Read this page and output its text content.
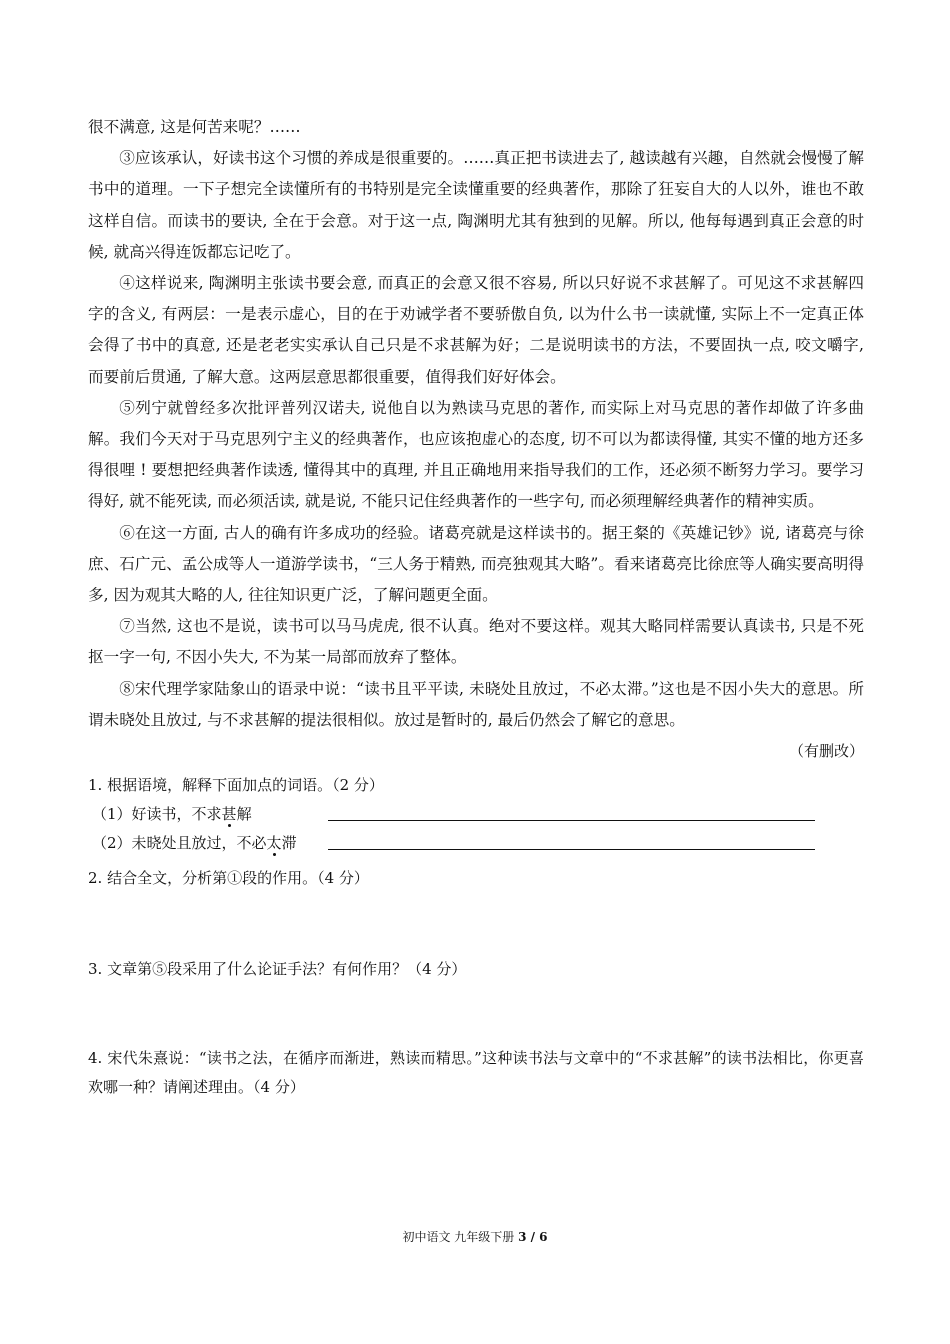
很不满意, 这是何苦来呢？……

③应该承认，好读书这个习惯的养成是很重要的。……真正把书读进去了, 越读越有兴趣，自然就会慢慢了解书中的道理。一下子想完全读懂所有的书特别是完全读懂重要的经典著作，那除了狂妄自大的人以外，谁也不敢这样自信。而读书的要诀, 全在于会意。对于这一点, 陶渊明尤其有独到的见解。所以, 他每每遇到真正会意的时候, 就高兴得连饭都忘记吃了。

④这样说来, 陶渊明主张读书要会意, 而真正的会意又很不容易, 所以只好说不求甚解了。可见这不求甚解四字的含义, 有两层：一是表示虚心，目的在于劝诫学者不要骄傲自负, 以为什么书一读就懂, 实际上不一定真正体会得了书中的真意, 还是老老实实承认自己只是不求甚解为好；二是说明读书的方法，不要固执一点, 咬文嚼字, 而要前后贯通, 了解大意。这两层意思都很重要，值得我们好好体会。

⑤列宁就曾经多次批评普列汉诺夫, 说他自以为熟读马克思的著作, 而实际上对马克思的著作却做了许多曲解。我们今天对于马克思列宁主义的经典著作，也应该抱虚心的态度, 切不可以为都读得懂, 其实不懂的地方还多得很哩 ! 要想把经典著作读透, 懂得其中的真理, 并且正确地用来指导我们的工作，还必须不断努力学习。要学习得好, 就不能死读, 而必须活读, 就是说, 不能只记住经典著作的一些字句, 而必须理解经典著作的精神实质。

⑥在这一方面, 古人的确有许多成功的经验。诸葛亮就是这样读书的。据王粲的《英雄记钞》说, 诸葛亮与徐庶、石广元、孟公成等人一道游学读书，“三人务于精熟, 而亮独观其大略”。看来诸葛亮比徐庶等人确实要高明得多, 因为观其大略的人, 往往知识更广泛，了解问题更全面。

⑦当然, 这也不是说，读书可以马马虎虎, 很不认真。绝对不要这样。观其大略同样需要认真读书, 只是不死抠一字一句, 不因小失大, 不为某一局部而放弃了整体。

⑧宋代理学家陆象山的语录中说：“读书且平平读, 未晓处且放过，不必太滞。”这也是不因小失大的意思。所谓未晓处且放过, 与不求甚解的提法很相似。放过是暂时的, 最后仍然会了解它的意思。

（有删改）

1. 根据语境，解释下面加点的词语。（2 分）

（1）好读书，不求甚解
（2）未晓处且放过，不必太滞

2. 结合全文，分析第①段的作用。（4 分）

3. 文章第⑤段采用了什么论证手法？有何作用？（4 分）

4. 宋代朱熹说：“读书之法，在循序而渐进，熟读而精思。”这种读书法与文章中的“不求甚解”的读书法相比，你更喜欢哪一种？请阐述理由。（4 分）

初中语文 九年级下册 3 / 6
